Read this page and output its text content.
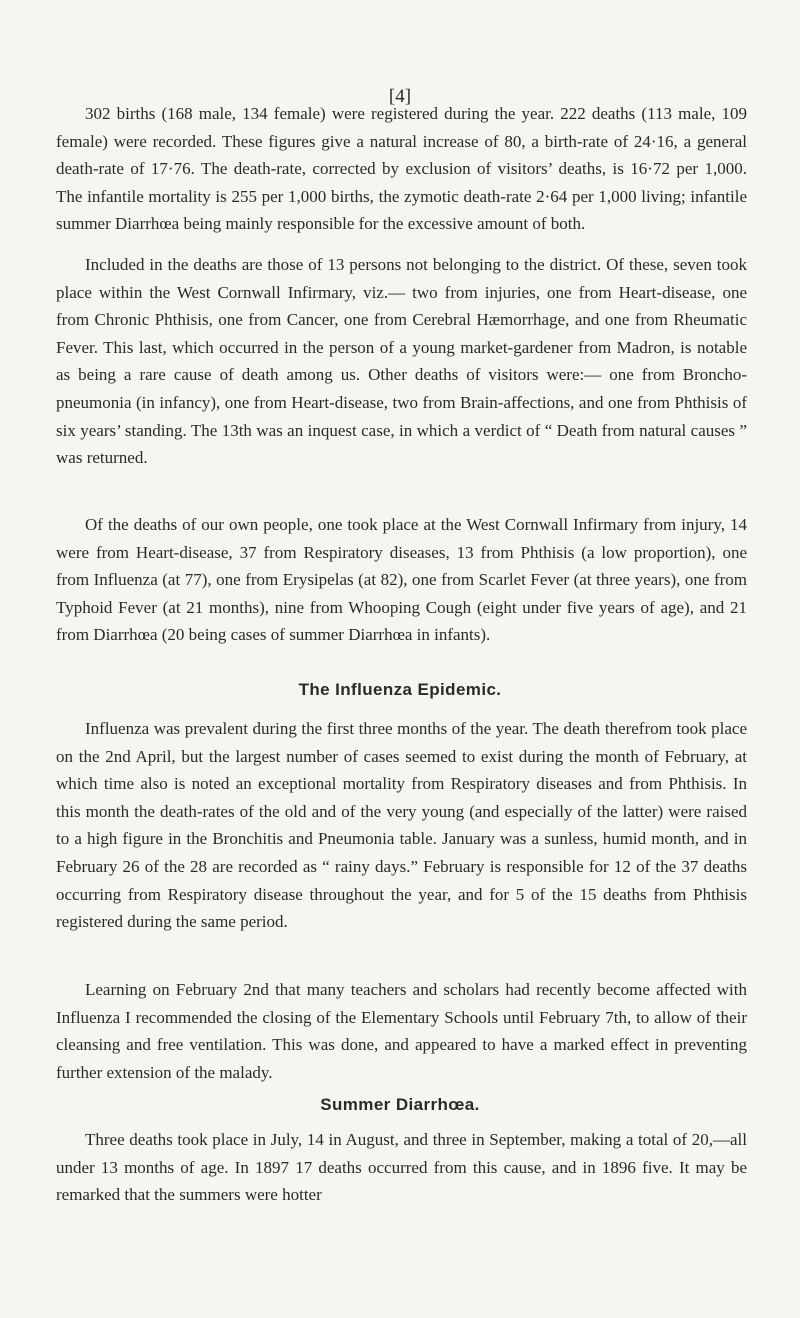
[4]

302 births (168 male, 134 female) were registered during the year. 222 deaths (113 male, 109 female) were recorded. These figures give a natural increase of 80, a birth-rate of 24·16, a general death-rate of 17·76. The death-rate, corrected by exclusion of visitors’ deaths, is 16·72 per 1,000. The infantile mortality is 255 per 1,000 births, the zymotic death-rate 2·64 per 1,000 living; infantile summer Diarrhœa being mainly responsible for the excessive amount of both.

Included in the deaths are those of 13 persons not belonging to the district. Of these, seven took place within the West Cornwall Infirmary, viz.— two from injuries, one from Heart-disease, one from Chronic Phthisis, one from Cancer, one from Cerebral Hæmorrhage, and one from Rheumatic Fever. This last, which occurred in the person of a young market-gardener from Madron, is notable as being a rare cause of death among us. Other deaths of visitors were:— one from Broncho-pneumonia (in infancy), one from Heart-disease, two from Brain-affections, and one from Phthisis of six years’ standing. The 13th was an inquest case, in which a verdict of “ Death from natural causes ” was returned.

Of the deaths of our own people, one took place at the West Cornwall Infirmary from injury, 14 were from Heart-disease, 37 from Respiratory diseases, 13 from Phthisis (a low proportion), one from Influenza (at 77), one from Erysipelas (at 82), one from Scarlet Fever (at three years), one from Typhoid Fever (at 21 months), nine from Whooping Cough (eight under five years of age), and 21 from Diarrhœa (20 being cases of summer Diarrhœa in infants).

The Influenza Epidemic.

Influenza was prevalent during the first three months of the year. The death therefrom took place on the 2nd April, but the largest number of cases seemed to exist during the month of February, at which time also is noted an exceptional mortality from Respiratory diseases and from Phthisis. In this month the death-rates of the old and of the very young (and especially of the latter) were raised to a high figure in the Bronchitis and Pneumonia table. January was a sunless, humid month, and in February 26 of the 28 are recorded as “ rainy days.” February is responsible for 12 of the 37 deaths occurring from Respiratory disease throughout the year, and for 5 of the 15 deaths from Phthisis registered during the same period.

Learning on February 2nd that many teachers and scholars had recently become affected with Influenza I recommended the closing of the Elementary Schools until February 7th, to allow of their cleansing and free ventilation. This was done, and appeared to have a marked effect in preventing further extension of the malady.

Summer Diarrhœa.

Three deaths took place in July, 14 in August, and three in September, making a total of 20,—all under 13 months of age. In 1897 17 deaths occurred from this cause, and in 1896 five. It may be remarked that the summers were hotter
